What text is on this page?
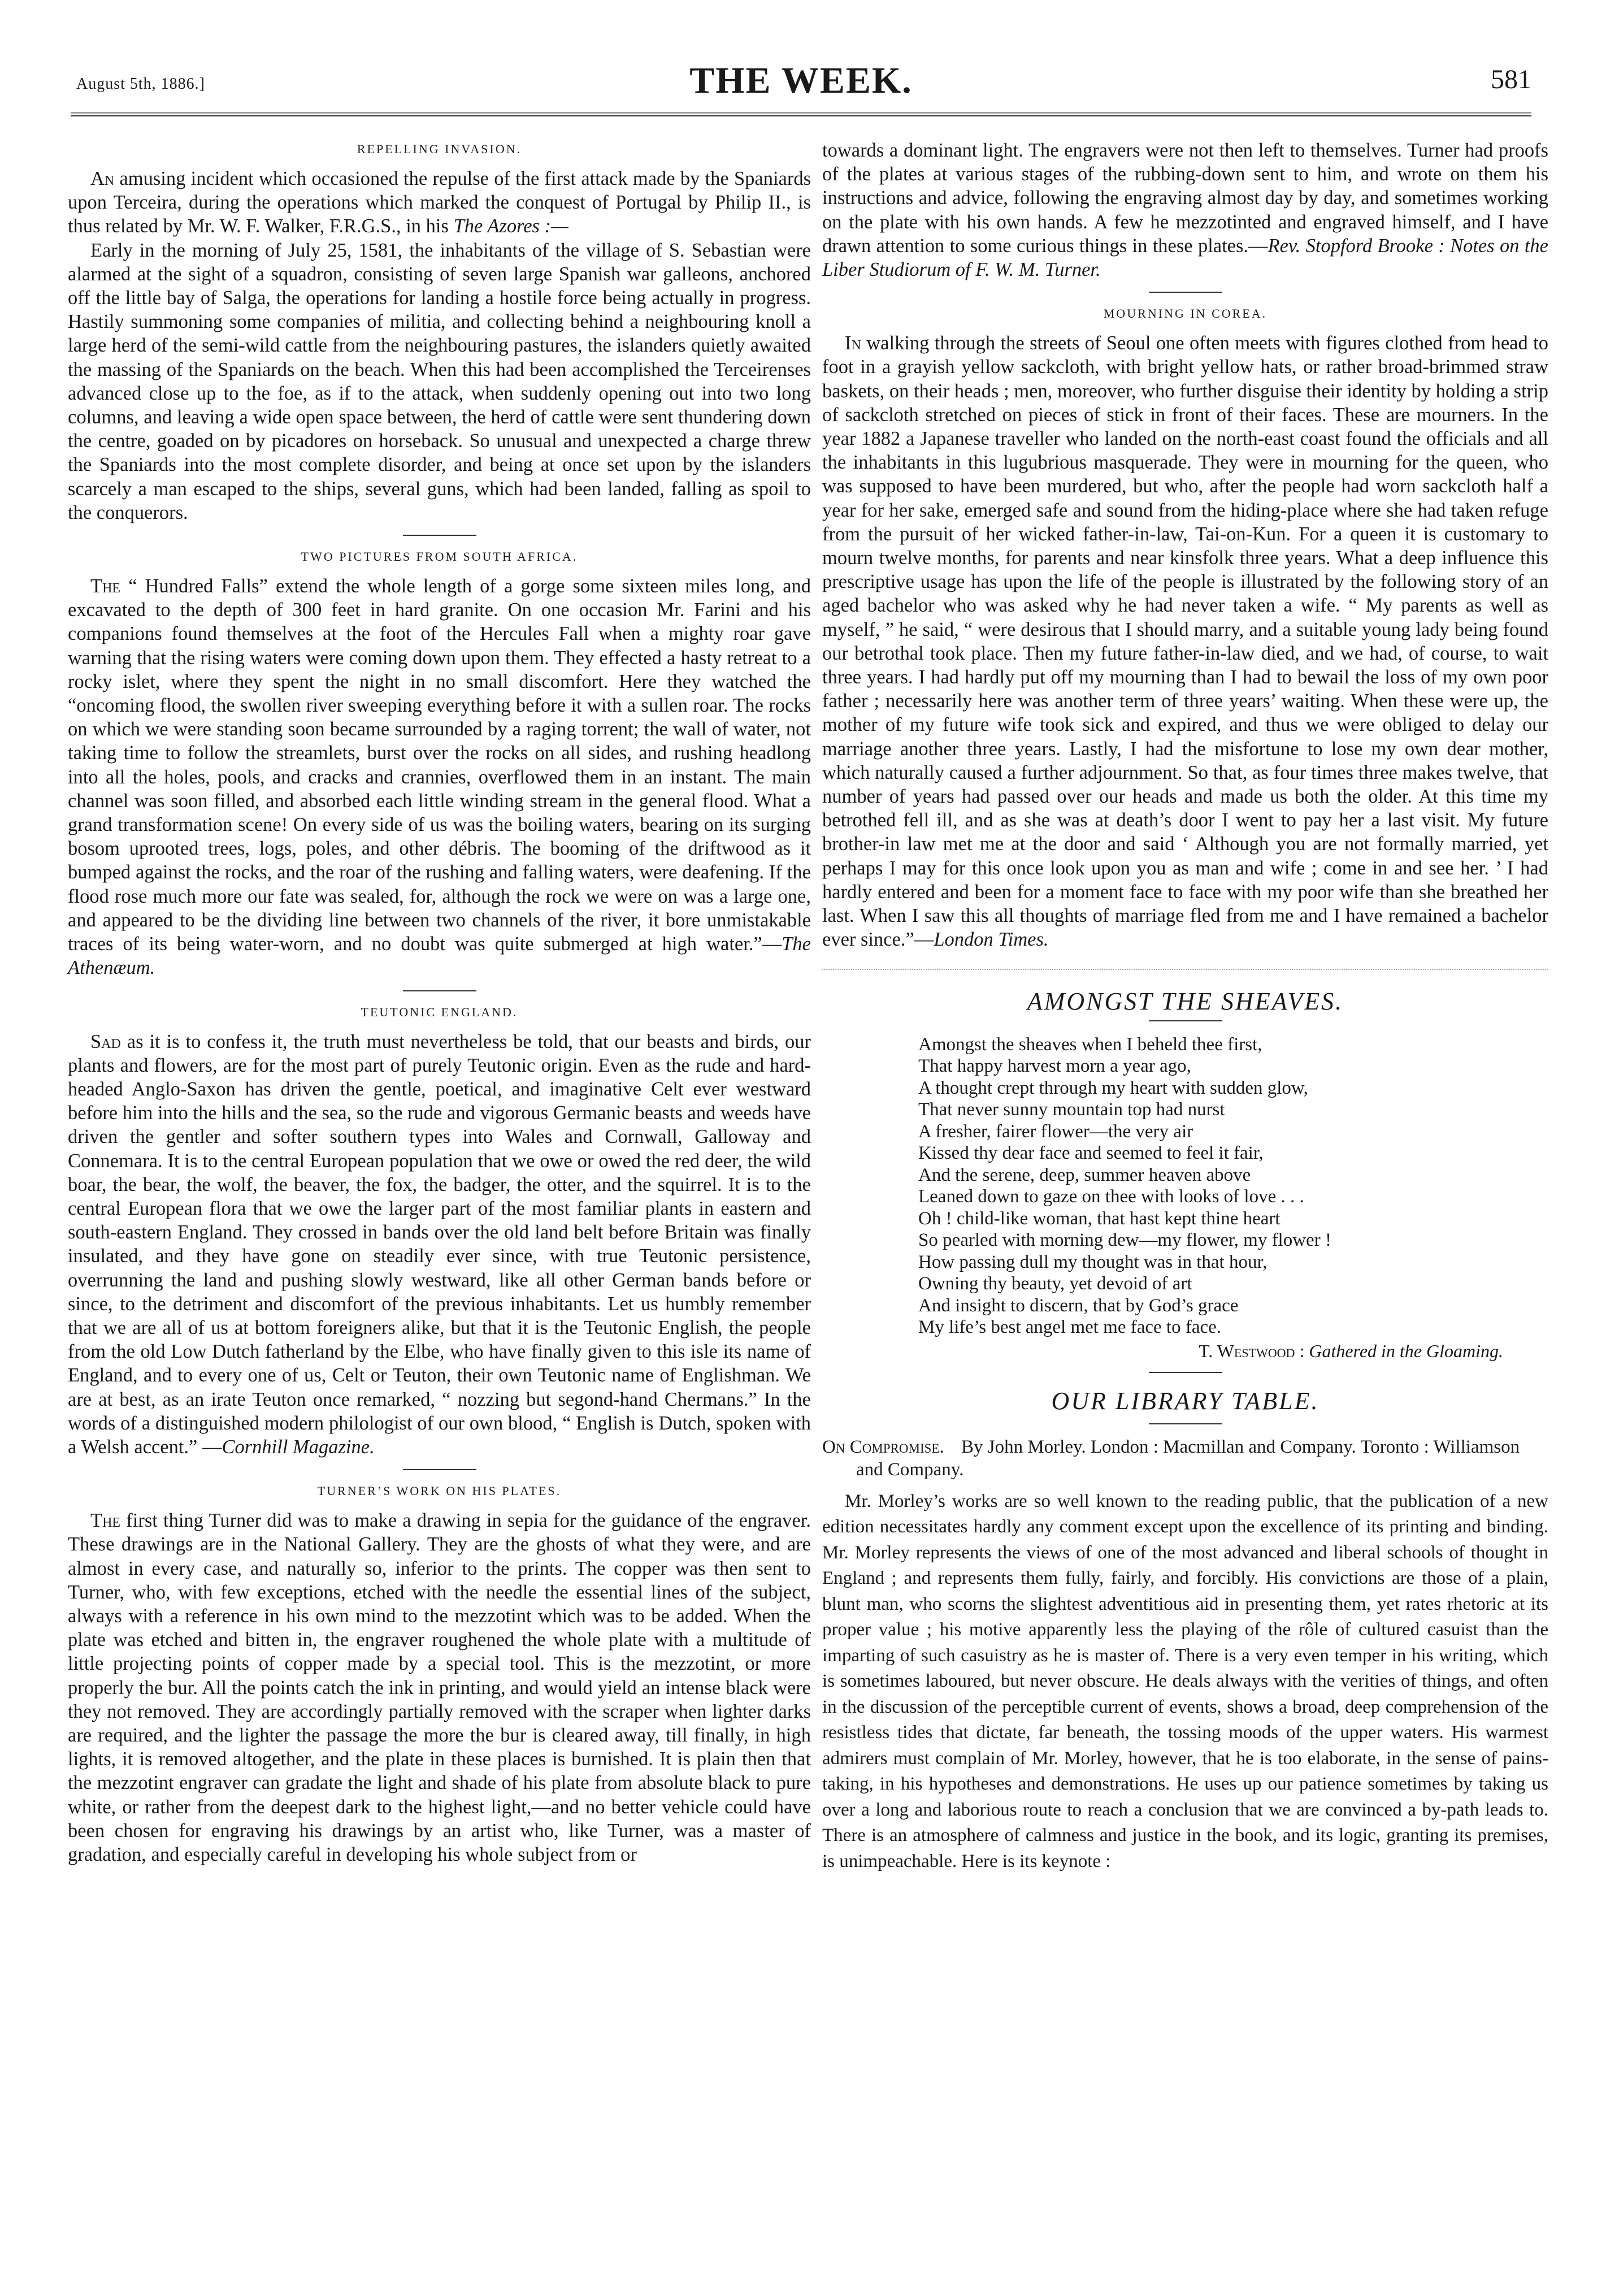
August 5th, 1886.]	THE WEEK.	581
REPELLING INVASION.

An amusing incident which occasioned the repulse of the first attack made by the Spaniards upon Terceira, during the operations which marked the conquest of Portugal by Philip II., is thus related by Mr. W. F. Walker, F.R.G.S., in his The Azores :—

Early in the morning of July 25, 1581, the inhabitants of the village of S. Sebastian were alarmed at the sight of a squadron, consisting of seven large Spanish war galleons, anchored off the little bay of Salga, the operations for landing a hostile force being actually in progress. Hastily summoning some companies of militia, and collecting behind a neighbouring knoll a large herd of the semi-wild cattle from the neighbouring pastures, the islanders quietly awaited the massing of the Spaniards on the beach. When this had been accomplished the Terceirenses advanced close up to the foe, as if to the attack, when suddenly opening out into two long columns, and leaving a wide open space between, the herd of cattle were sent thundering down the centre, goaded on by picadores on horseback. So unusual and unexpected a charge threw the Spaniards into the most complete disorder, and being at once set upon by the islanders scarcely a man escaped to the ships, several guns, which had been landed, falling as spoil to the conquerors.

TWO PICTURES FROM SOUTH AFRICA.

The “ Hundred Falls” extend the whole length of a gorge some sixteen miles long, and excavated to the depth of 300 feet in hard granite. On one occasion Mr. Farini and his companions found themselves at the foot of the Hercules Fall when a mighty roar gave warning that the rising waters were coming down upon them. They effected a hasty retreat to a rocky islet, where they spent the night in no small discomfort. Here they watched the “oncoming flood, the swollen river sweeping everything before it with a sullen roar. The rocks on which we were standing soon became surrounded by a raging torrent; the wall of water, not taking time to follow the streamlets, burst over the rocks on all sides, and rushing headlong into all the holes, pools, and cracks and crannies, overflowed them in an instant. The main channel was soon filled, and absorbed each little winding stream in the general flood. What a grand transformation scene! On every side of us was the boiling waters, bearing on its surging bosom uprooted trees, logs, poles, and other débris. The booming of the driftwood as it bumped against the rocks, and the roar of the rushing and falling waters, were deafening. If the flood rose much more our fate was sealed, for, although the rock we were on was a large one, and appeared to be the dividing line between two channels of the river, it bore unmistakable traces of its being water-worn, and no doubt was quite submerged at high water.”—The Athenæum.

TEUTONIC ENGLAND.

Sad as it is to confess it, the truth must nevertheless be told, that our beasts and birds, our plants and flowers, are for the most part of purely Teutonic origin. Even as the rude and hard-headed Anglo-Saxon has driven the gentle, poetical, and imaginative Celt ever westward before him into the hills and the sea, so the rude and vigorous Germanic beasts and weeds have driven the gentler and softer southern types into Wales and Cornwall, Galloway and Connemara. It is to the central European population that we owe or owed the red deer, the wild boar, the bear, the wolf, the beaver, the fox, the badger, the otter, and the squirrel. It is to the central European flora that we owe the larger part of the most familiar plants in eastern and south-eastern England. They crossed in bands over the old land belt before Britain was finally insulated, and they have gone on steadily ever since, with true Teutonic persistence, overrunning the land and pushing slowly westward, like all other German bands before or since, to the detriment and discomfort of the previous inhabitants. Let us humbly remember that we are all of us at bottom foreigners alike, but that it is the Teutonic English, the people from the old Low Dutch fatherland by the Elbe, who have finally given to this isle its name of England, and to every one of us, Celt or Teuton, their own Teutonic name of Englishman. We are at best, as an irate Teuton once remarked, “ nozzing but segond-hand Chermans.” In the words of a distinguished modern philologist of our own blood, “ English is Dutch, spoken with a Welsh accent.” —Cornhill Magazine.

TURNER’S WORK ON HIS PLATES.

The first thing Turner did was to make a drawing in sepia for the guidance of the engraver. These drawings are in the National Gallery. They are the ghosts of what they were, and are almost in every case, and naturally so, inferior to the prints. The copper was then sent to Turner, who, with few exceptions, etched with the needle the essential lines of the subject, always with a reference in his own mind to the mezzotint which was to be added. When the plate was etched and bitten in, the engraver roughened the whole plate with a multitude of little projecting points of copper made by a special tool. This is the mezzotint, or more properly the bur. All the points catch the ink in printing, and would yield an intense black were they not removed. They are accordingly partially removed with the scraper when lighter darks are required, and the lighter the passage the more the bur is cleared away, till finally, in high lights, it is removed altogether, and the plate in these places is burnished. It is plain then that the mezzotint engraver can gradate the light and shade of his plate from absolute black to pure white, or rather from the deepest dark to the highest light,—and no better vehicle could have been chosen for engraving his drawings by an artist who, like Turner, was a master of gradation, and especially careful in developing his whole subject from or

towards a dominant light. The engravers were not then left to themselves. Turner had proofs of the plates at various stages of the rubbing-down sent to him, and wrote on them his instructions and advice, following the engraving almost day by day, and sometimes working on the plate with his own hands. A few he mezzotinted and engraved himself, and I have drawn attention to some curious things in these plates.—Rev. Stopford Brooke : Notes on the Liber Studiorum of F. W. M. Turner.

MOURNING IN COREA.

In walking through the streets of Seoul one often meets with figures clothed from head to foot in a grayish yellow sackcloth, with bright yellow hats, or rather broad-brimmed straw baskets, on their heads ; men, moreover, who further disguise their identity by holding a strip of sackcloth stretched on pieces of stick in front of their faces. These are mourners. In the year 1882 a Japanese traveller who landed on the north-east coast found the officials and all the inhabitants in this lugubrious masquerade. They were in mourning for the queen, who was supposed to have been murdered, but who, after the people had worn sackcloth half a year for her sake, emerged safe and sound from the hiding-place where she had taken refuge from the pursuit of her wicked father-in-law, Tai-on-Kun. For a queen it is customary to mourn twelve months, for parents and near kinsfolk three years. What a deep influence this prescriptive usage has upon the life of the people is illustrated by the following story of an aged bachelor who was asked why he had never taken a wife. “ My parents as well as myself, ” he said, “ were desirous that I should marry, and a suitable young lady being found our betrothal took place. Then my future father-in-law died, and we had, of course, to wait three years. I had hardly put off my mourning than I had to bewail the loss of my own poor father ; necessarily here was another term of three years’ waiting. When these were up, the mother of my future wife took sick and expired, and thus we were obliged to delay our marriage another three years. Lastly, I had the misfortune to lose my own dear mother, which naturally caused a further adjournment. So that, as four times three makes twelve, that number of years had passed over our heads and made us both the older. At this time my betrothed fell ill, and as she was at death’s door I went to pay her a last visit. My future brother-in law met me at the door and said ‘ Although you are not formally married, yet perhaps I may for this once look upon you as man and wife ; come in and see her. ’ I had hardly entered and been for a moment face to face with my poor wife than she breathed her last. When I saw this all thoughts of marriage fled from me and I have remained a bachelor ever since.”—London Times.

AMONGST THE SHEAVES.
Amongst the sheaves when I beheld thee first,
That happy harvest morn a year ago,
A thought crept through my heart with sudden glow,
That never sunny mountain top had nurst
A fresher, fairer flower—the very air
Kissed thy dear face and seemed to feel it fair,
And the serene, deep, summer heaven above
Leaned down to gaze on thee with looks of love . . .
Oh ! child-like woman, that hast kept thine heart
So pearled with morning dew—my flower, my flower !
How passing dull my thought was in that hour,
Owning thy beauty, yet devoid of art
And insight to discern, that by God’s grace
My life’s best angel met me face to face.
T. Westwood : Gathered in the Gloaming.
OUR LIBRARY TABLE.
On Compromise. By John Morley. London : Macmillan and Company. Toronto : Williamson and Company.

Mr. Morley’s works are so well known to the reading public, that the publication of a new edition necessitates hardly any comment except upon the excellence of its printing and binding. Mr. Morley represents the views of one of the most advanced and liberal schools of thought in England ; and represents them fully, fairly, and forcibly. His convictions are those of a plain, blunt man, who scorns the slightest adventitious aid in presenting them, yet rates rhetoric at its proper value ; his motive apparently less the playing of the rôle of cultured casuist than the imparting of such casuistry as he is master of. There is a very even temper in his writing, which is sometimes laboured, but never obscure. He deals always with the verities of things, and often in the discussion of the perceptible current of events, shows a broad, deep comprehension of the resistless tides that dictate, far beneath, the tossing moods of the upper waters. His warmest admirers must complain of Mr. Morley, however, that he is too elaborate, in the sense of pains-taking, in his hypotheses and demonstrations. He uses up our patience sometimes by taking us over a long and laborious route to reach a conclusion that we are convinced a by-path leads to. There is an atmosphere of calmness and justice in the book, and its logic, granting its premises, is unimpeachable. Here is its keynote :
